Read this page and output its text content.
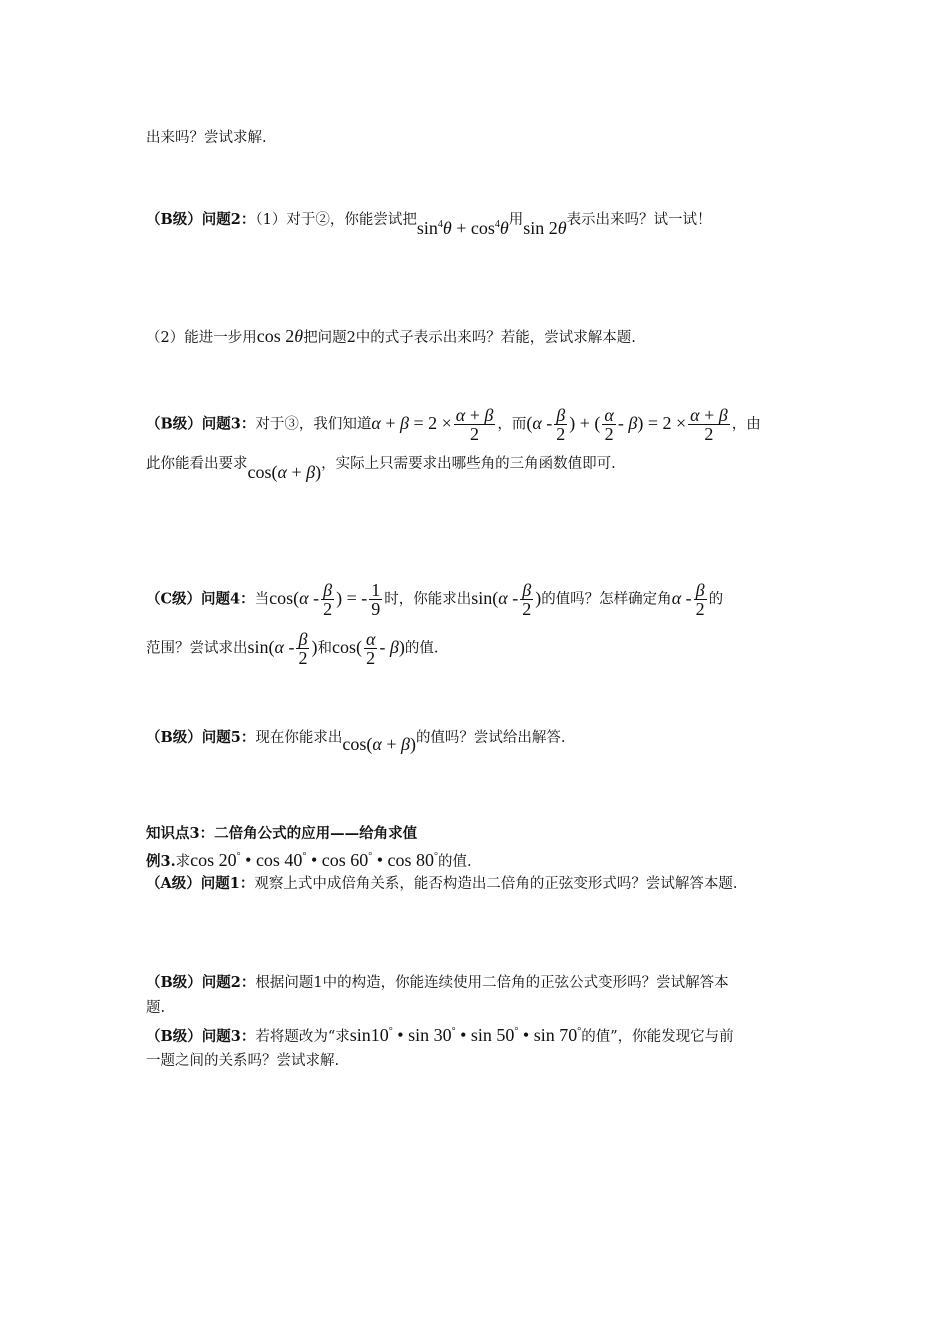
出来吗？尝试求解.
（B级）问题2：（1）对于②，你能尝试把$\sin^4\theta + \cos^4\theta$用sin 2θ表示出来吗？试一试！
（2）能进一步用cos 2θ把问题2中的式子表示出来吗？若能，尝试求解本题.
（B级）问题3：对于③，我们知道$\alpha + \beta = 2 \times \frac{\alpha + \beta}{2}$ ，而($\alpha - \frac{\beta}{2}$ ) + ( $\frac{\alpha}{2} - \beta) = 2 \times \frac{\alpha + \beta}{2}$ ，由
此你能看出要求cos(α + β)，实际上只需要求出哪些角的三角函数值即可.
（C级）问题4：当$\cos(\alpha - \frac{\beta}{2}$ ) = - $\frac{1}{9}$ 时，你能求出$\sin(\alpha - \frac{\beta}{2}$ )的值吗？怎样确定角α - $\frac{\beta}{2}$ 的
范围？尝试求出$\sin(\alpha - \frac{\beta}{2}$ )和$\cos( \frac{\alpha}{2} - \beta)$的值.
（B级）问题5：现在你能求出cos(α + β)的值吗？尝试给出解答.
知识点3：二倍角公式的应用——给角求值
例3.求cos 20° • cos 40° • cos 60° • cos 80°的值.
（A级）问题1：观察上式中成倍角关系，能否构造出二倍角的正弦变形式吗？尝试解答本题.
（B级）问题2：根据问题1中的构造，你能连续使用二倍角的正弦公式变形吗？尝试解答本
题.
（B级）问题3：若将题改为“求sin10° • sin 30° • sin 50° • sin 70°的值”，你能发现它与前
一题之间的关系吗？尝试求解.
